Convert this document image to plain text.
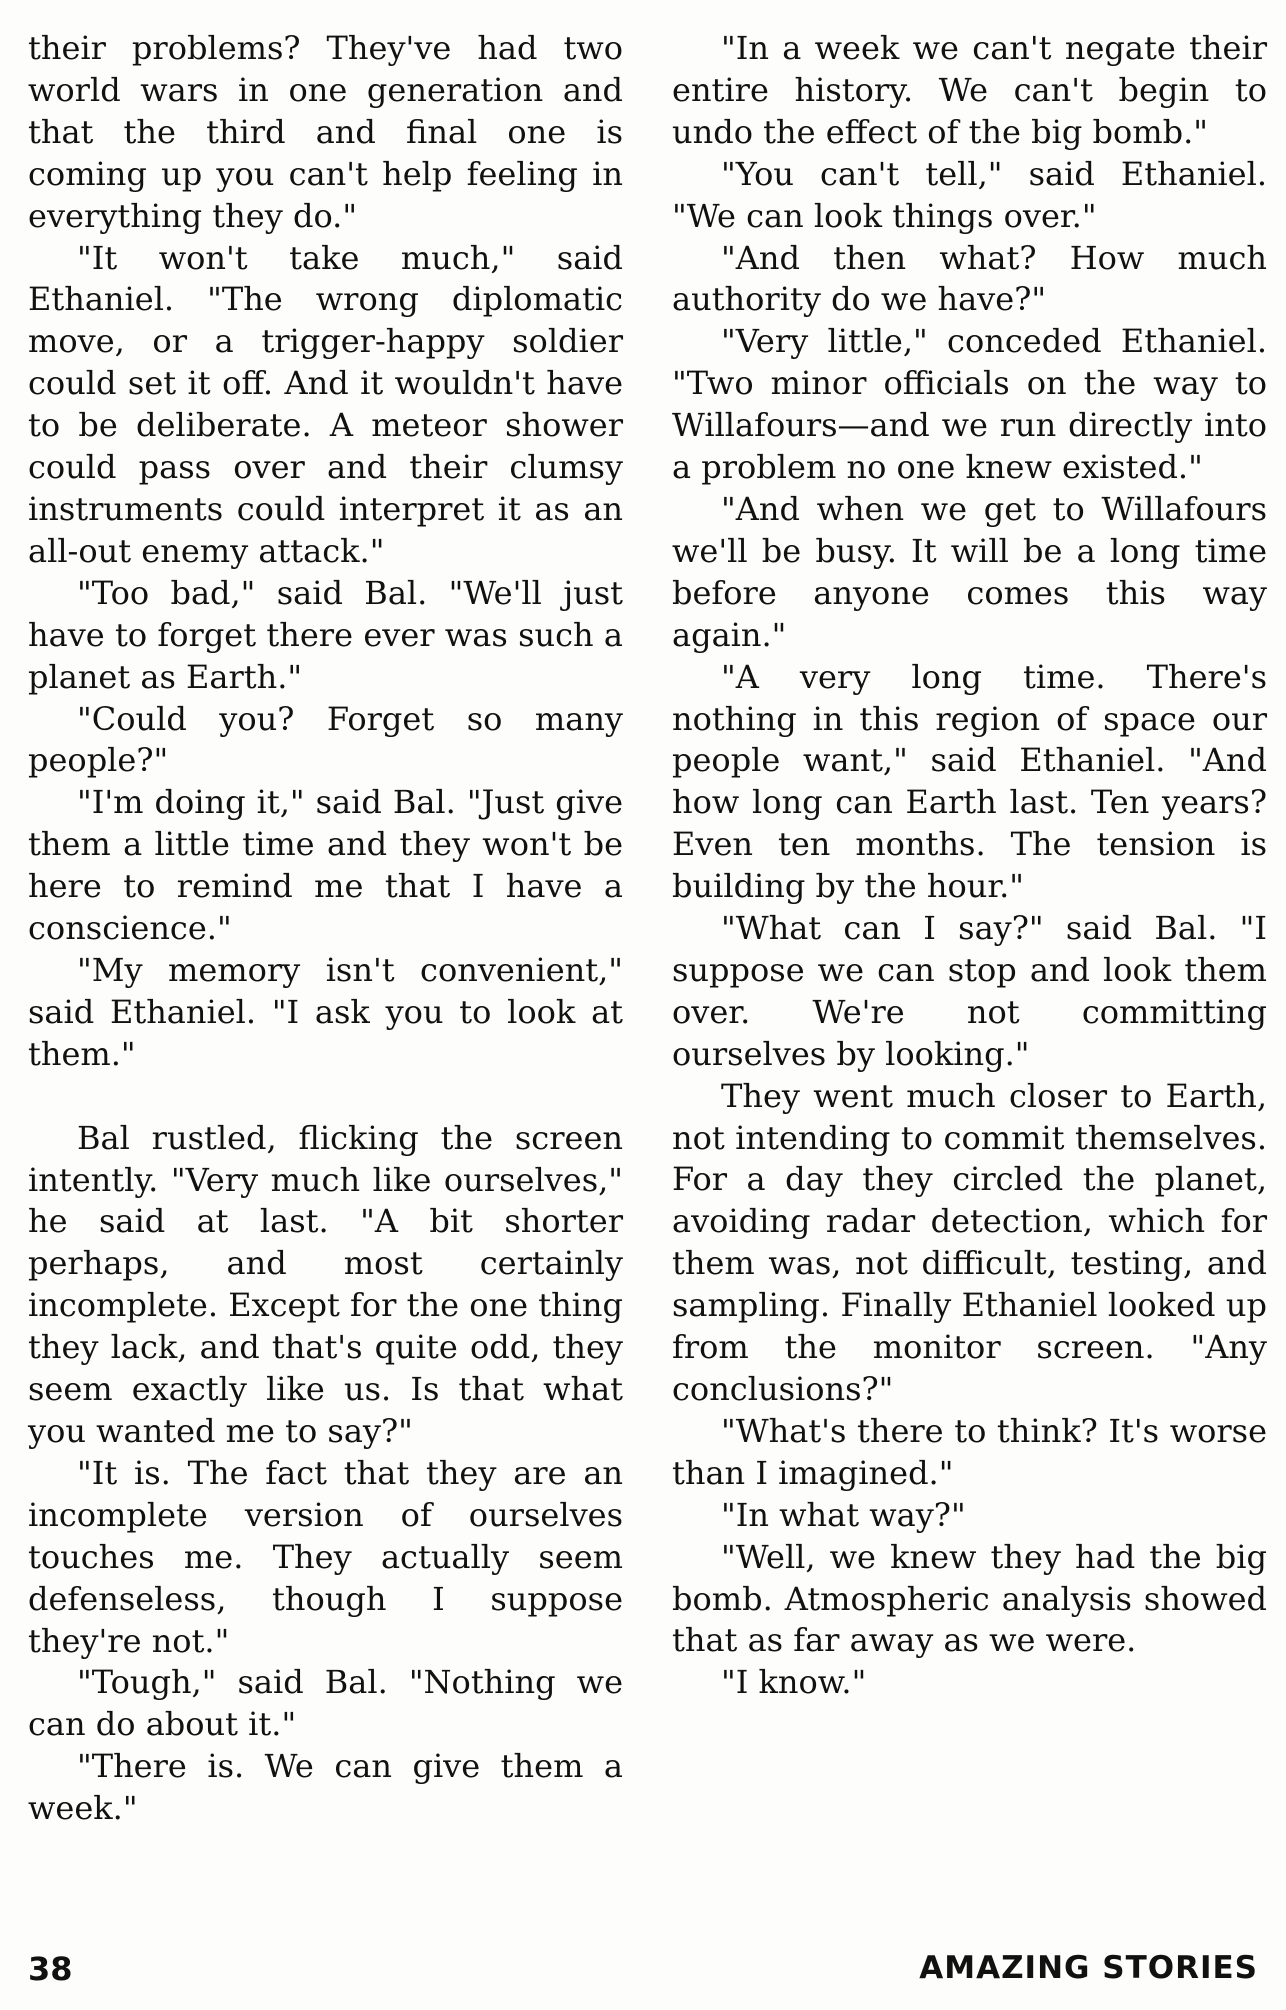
their problems? They've had two world wars in one generation and that the third and final one is coming up you can't help feeling in everything they do."

"It won't take much," said Ethaniel. "The wrong diplomatic move, or a trigger-happy soldier could set it off. And it wouldn't have to be deliberate. A meteor shower could pass over and their clumsy instruments could interpret it as an all-out enemy attack."

"Too bad," said Bal. "We'll just have to forget there ever was such a planet as Earth."

"Could you? Forget so many people?"

"I'm doing it," said Bal. "Just give them a little time and they won't be here to remind me that I have a conscience."

"My memory isn't convenient," said Ethaniel. "I ask you to look at them."

Bal rustled, flicking the screen intently. "Very much like ourselves," he said at last. "A bit shorter perhaps, and most certainly incomplete. Except for the one thing they lack, and that's quite odd, they seem exactly like us. Is that what you wanted me to say?"

"It is. The fact that they are an incomplete version of ourselves touches me. They actually seem defenseless, though I suppose they're not."

"Tough," said Bal. "Nothing we can do about it."

"There is. We can give them a week."

"In a week we can't negate their entire history. We can't begin to undo the effect of the big bomb."

"You can't tell," said Ethaniel. "We can look things over."

"And then what? How much authority do we have?"

"Very little," conceded Ethaniel. "Two minor officials on the way to Willafours—and we run directly into a problem no one knew existed."

"And when we get to Willafours we'll be busy. It will be a long time before anyone comes this way again."

"A very long time. There's nothing in this region of space our people want," said Ethaniel. "And how long can Earth last. Ten years? Even ten months. The tension is building by the hour."

"What can I say?" said Bal. "I suppose we can stop and look them over. We're not committing ourselves by looking."

They went much closer to Earth, not intending to commit themselves. For a day they circled the planet, avoiding radar detection, which for them was, not difficult, testing, and sampling. Finally Ethaniel looked up from the monitor screen. "Any conclusions?"

"What's there to think? It's worse than I imagined."

"In what way?"

"Well, we knew they had the big bomb. Atmospheric analysis showed that as far away as we were.

"I know."

38	AMAZING STORIES
